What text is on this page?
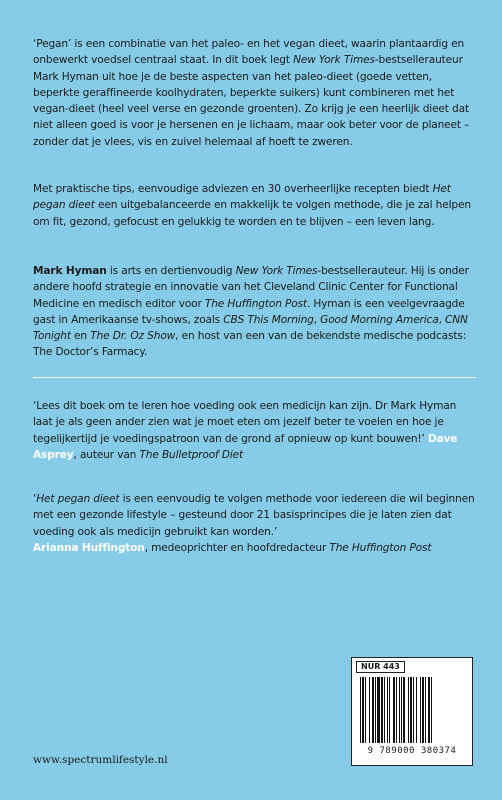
‘Pegan’ is een combinatie van het paleo- en het vegan dieet, waarin plantaardig en onbewerkt voedsel centraal staat. In dit boek legt New York Times-bestsellerauteur Mark Hyman uit hoe je de beste aspecten van het paleo-dieet (goede vetten, beperkte geraffineerde koolhydraten, beperkte suikers) kunt combineren met het vegan-dieet (heel veel verse en gezonde groenten). Zo krijg je een heerlijk dieet dat niet alleen goed is voor je hersenen en je lichaam, maar ook beter voor de planeet – zonder dat je vlees, vis en zuivel helemaal af hoeft te zweren.

Met praktische tips, eenvoudige adviezen en 30 overheerlijke recepten biedt Het pegan dieet een uitgebalanceerde en makkelijk te volgen methode, die je zal helpen om fit, gezond, gefocust en gelukkig te worden en te blijven – een leven lang.

Mark Hyman is arts en dertienvoudig New York Times-bestsellerauteur. Hij is onder andere hoofd strategie en innovatie van het Cleveland Clinic Center for Functional Medicine en medisch editor voor The Huffington Post. Hyman is een veelgevraagde gast in Amerikaanse tv-shows, zoals CBS This Morning, Good Morning America, CNN Tonight en The Dr. Oz Show, en host van een van de bekendste medische podcasts: The Doctor’s Farmacy.

‘Lees dit boek om te leren hoe voeding ook een medicijn kan zijn. Dr Mark Hyman laat je als geen ander zien wat je moet eten om jezelf beter te voelen en hoe je tegelijkertijd je voedingspatroon van de grond af opnieuw op kunt bouwen!’ Dave Asprey, auteur van The Bulletproof Diet

‘Het pegan dieet is een eenvoudig te volgen methode voor iedereen die wil beginnen met een gezonde lifestyle – gesteund door 21 basisprincipes die je laten zien dat voeding ook als medicijn gebruikt kan worden.’
Arianna Huffington, medeoprichter en hoofdredacteur The Huffington Post

www.spectrumlifestyle.nl
NUR 443
9 789000 380374
